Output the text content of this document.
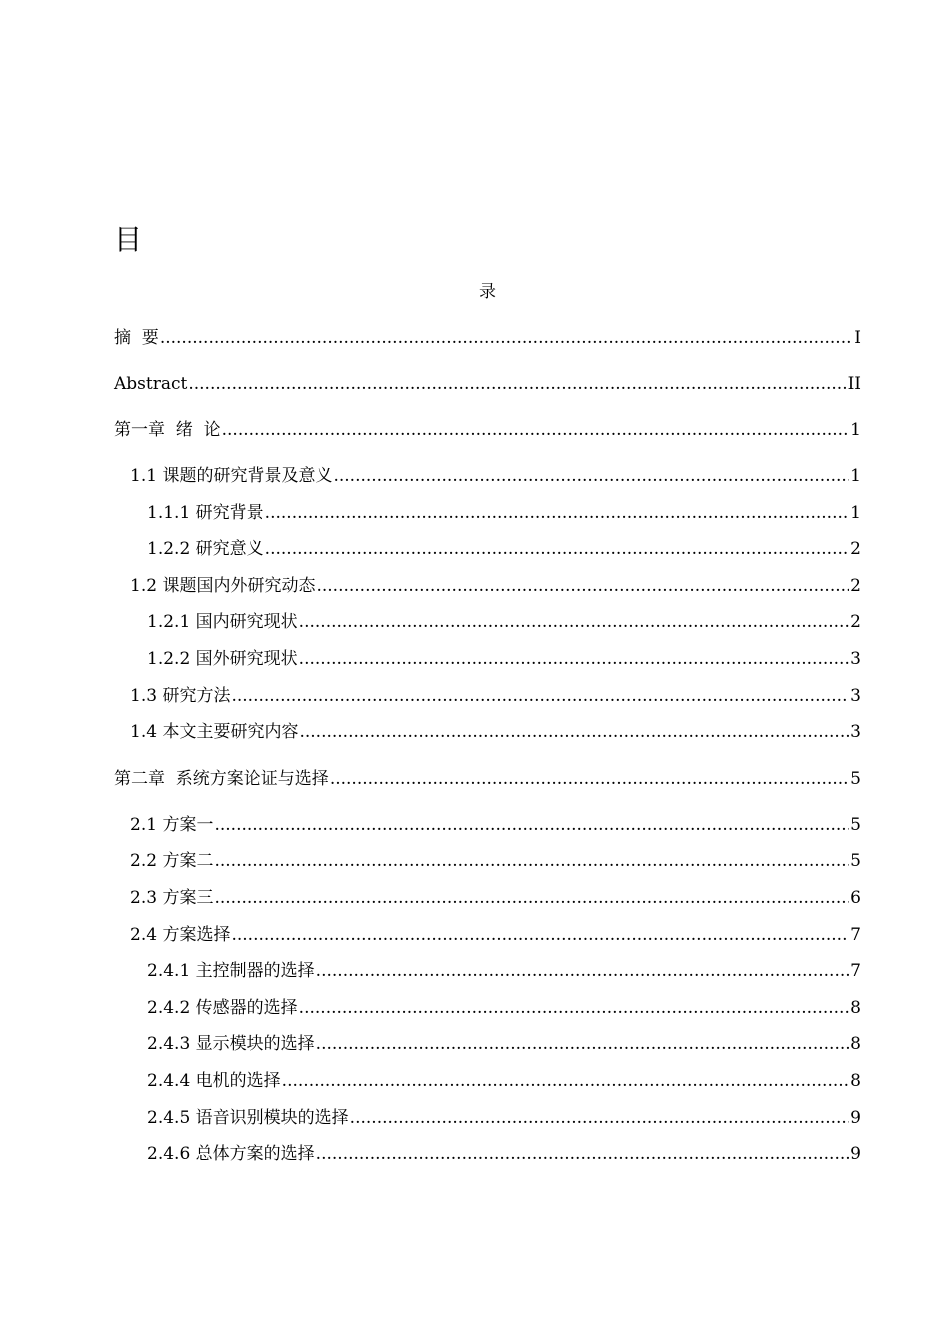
目
录
摘  要 .....	I
Abstract .....	II
第一章  绪  论 .....	1
1.1 课题的研究背景及意义 .....	1
1.1.1 研究背景 .....	1
1.2.2 研究意义 .....	2
1.2 课题国内外研究动态 .....	2
1.2.1 国内研究现状 .....	2
1.2.2 国外研究现状 .....	3
1.3 研究方法 .....	3
1.4 本文主要研究内容 .....	3
第二章  系统方案论证与选择 .....	5
2.1 方案一 .....	5
2.2 方案二 .....	5
2.3 方案三 .....	6
2.4 方案选择 .....	7
2.4.1 主控制器的选择 .....	7
2.4.2 传感器的选择 .....	8
2.4.3 显示模块的选择 .....	8
2.4.4 电机的选择 .....	8
2.4.5 语音识别模块的选择 .....	9
2.4.6 总体方案的选择 .....	9
